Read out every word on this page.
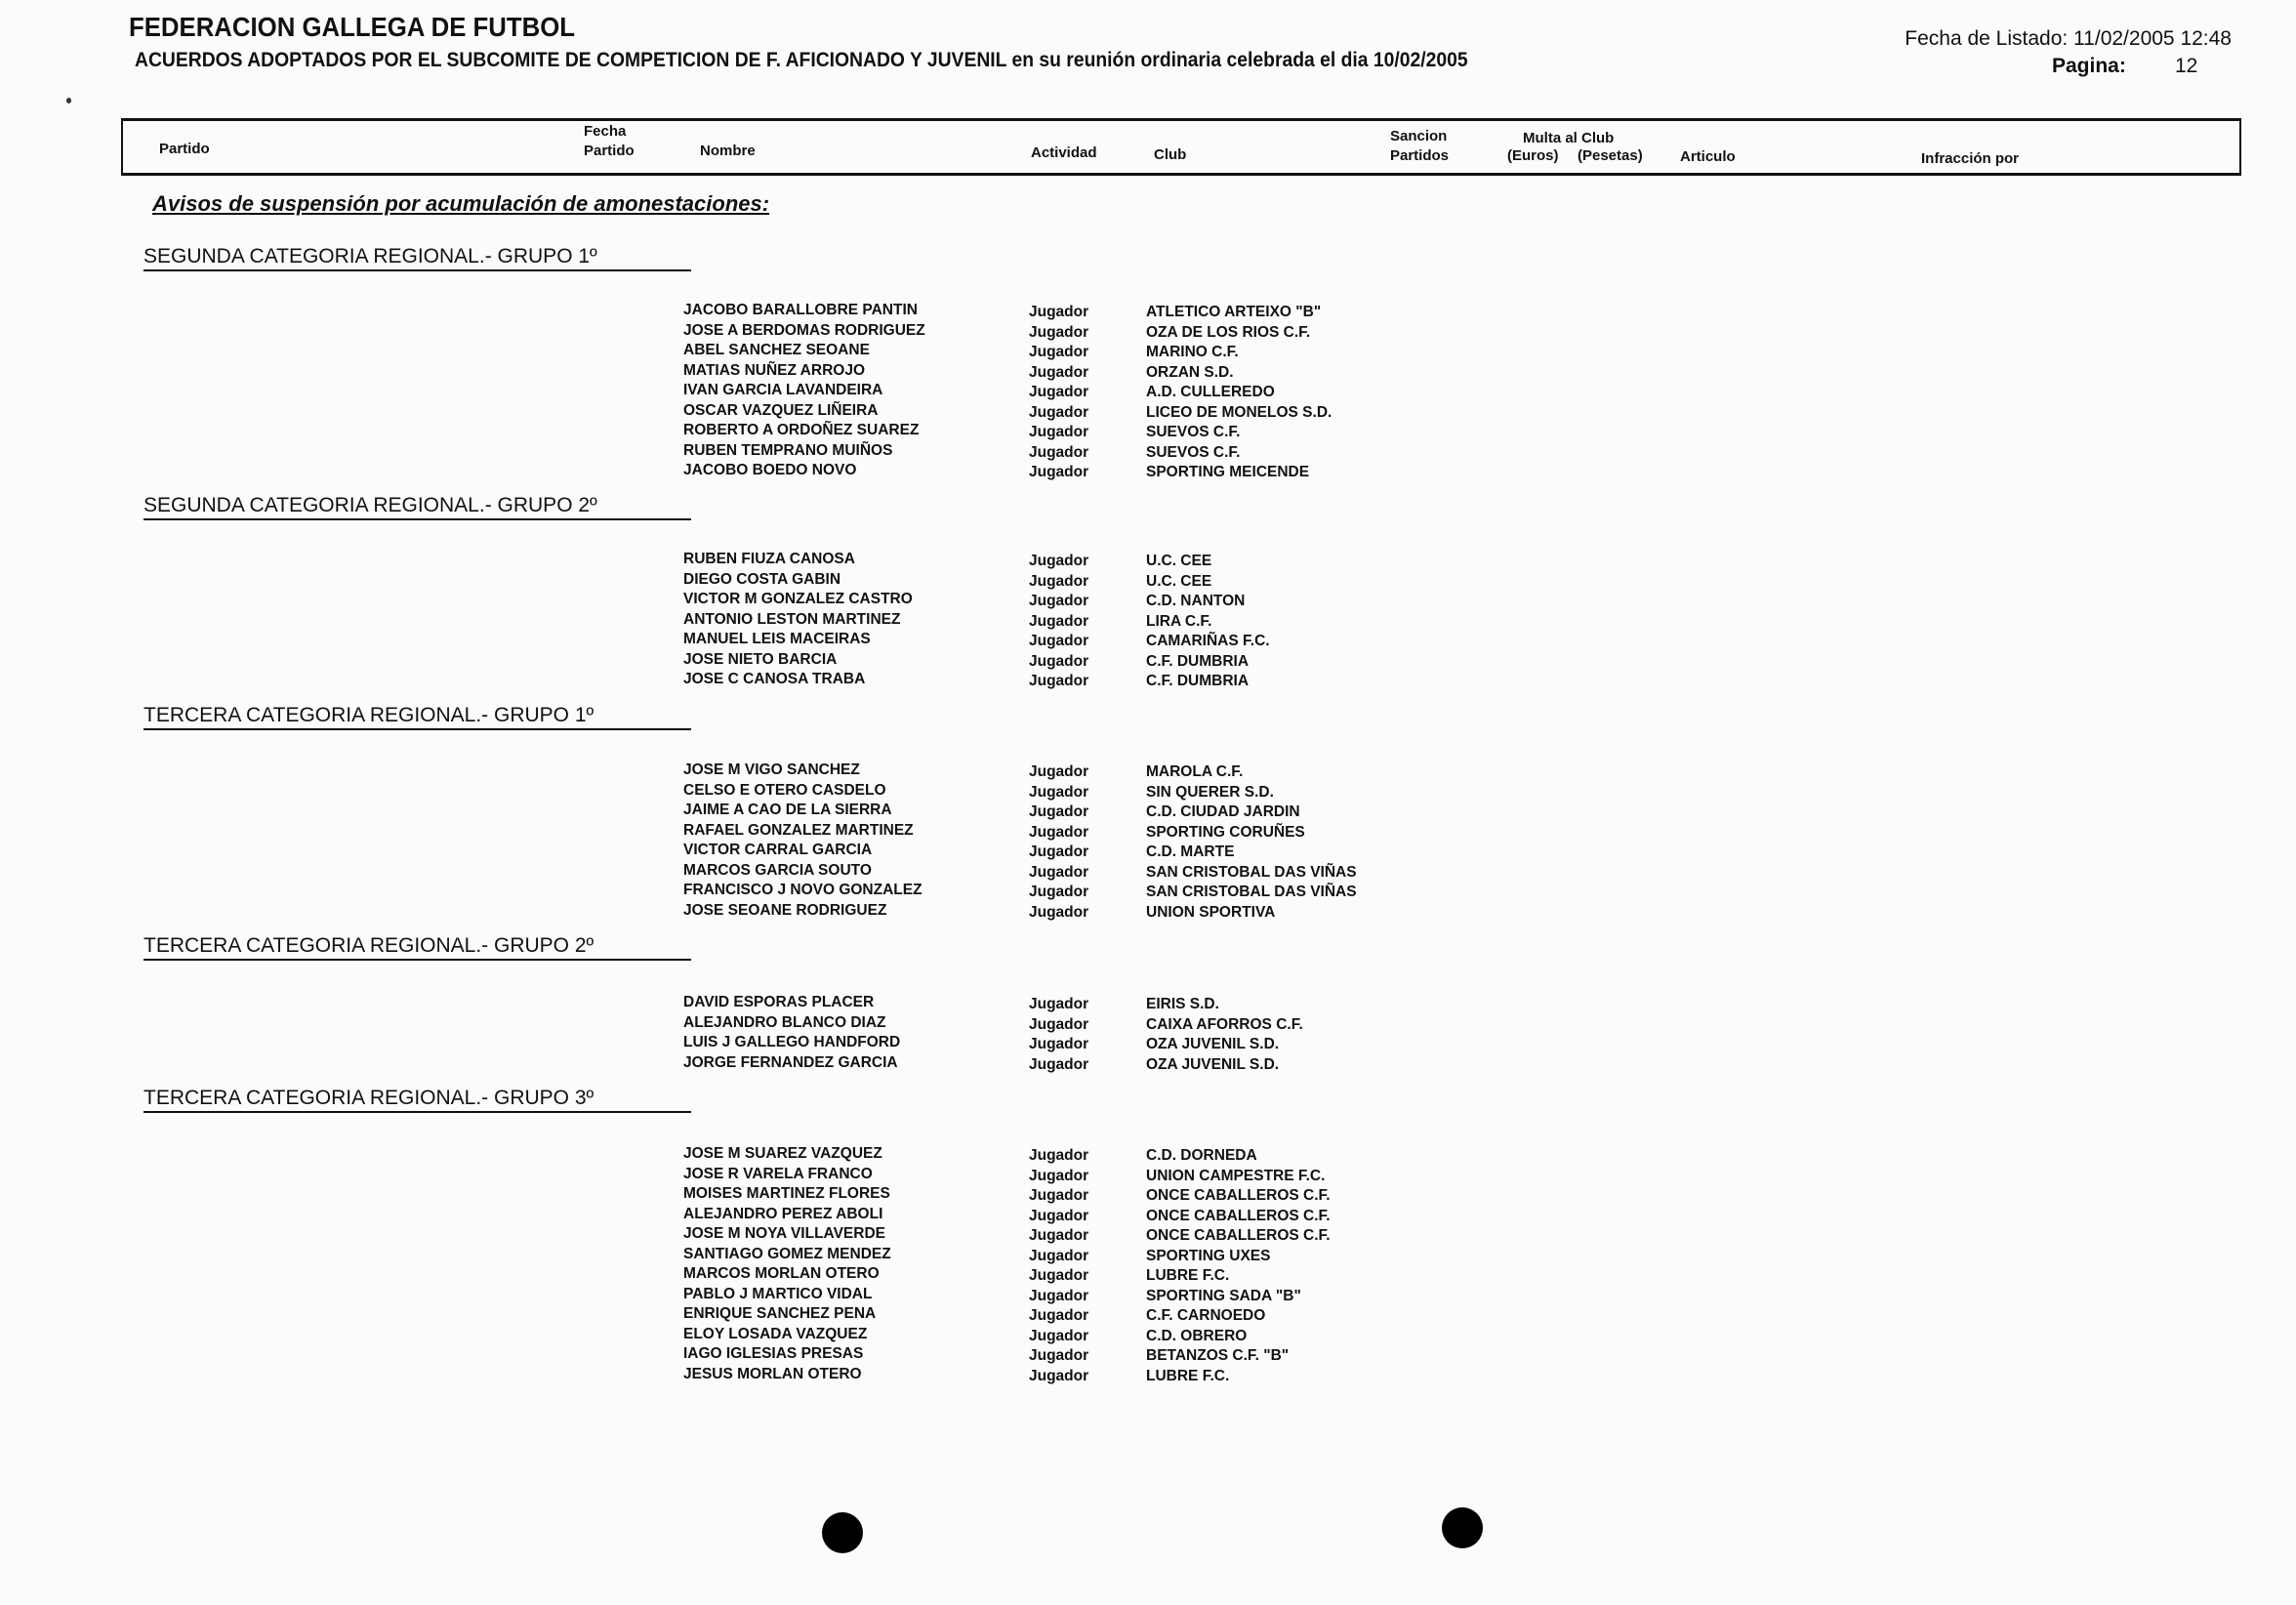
FEDERACION GALLEGA DE FUTBOL
ACUERDOS ADOPTADOS POR EL SUBCOMITE DE COMPETICION DE F. AFICIONADO Y JUVENIL en su reunión ordinaria celebrada el dia 10/02/2005
Fecha de Listado: 11/02/2005 12:48
Pagina: 12
Partido
Fecha
Partido	Nombre	Actividad	Club
Sancion
Partidos
Multa al Club
(Euros) (Pesetas)	Articulo	Infracción por
Avisos de suspensión por acumulación de amonestaciones:
SEGUNDA CATEGORIA REGIONAL.- GRUPO 1º
JACOBO BARALLOBRE PANTIN	Jugador	ATLETICO ARTEIXO "B"
JOSE A BERDOMAS RODRIGUEZ	Jugador	OZA DE LOS RIOS C.F.
ABEL SANCHEZ SEOANE	Jugador	MARINO C.F.
MATIAS NUÑEZ ARROJO	Jugador	ORZAN S.D.
IVAN GARCIA LAVANDEIRA	Jugador	A.D. CULLEREDO
OSCAR VAZQUEZ LIÑEIRA	Jugador	LICEO DE MONELOS S.D.
ROBERTO A ORDOÑEZ SUAREZ	Jugador	SUEVOS C.F.
RUBEN TEMPRANO MUIÑOS	Jugador	SUEVOS C.F.
JACOBO BOEDO NOVO	Jugador	SPORTING MEICENDE
SEGUNDA CATEGORIA REGIONAL.- GRUPO 2º
RUBEN FIUZA CANOSA	Jugador	U.C. CEE
DIEGO COSTA GABIN	Jugador	U.C. CEE
VICTOR M GONZALEZ CASTRO	Jugador	C.D. NANTON
ANTONIO LESTON MARTINEZ	Jugador	LIRA C.F.
MANUEL LEIS MACEIRAS	Jugador	CAMARIÑAS F.C.
JOSE NIETO BARCIA	Jugador	C.F. DUMBRIA
JOSE C CANOSA TRABA	Jugador	C.F. DUMBRIA
TERCERA CATEGORIA REGIONAL.- GRUPO 1º
JOSE M VIGO SANCHEZ	Jugador	MAROLA C.F.
CELSO E OTERO CASDELO	Jugador	SIN QUERER S.D.
JAIME A CAO DE LA SIERRA	Jugador	C.D. CIUDAD JARDIN
RAFAEL GONZALEZ MARTINEZ	Jugador	SPORTING CORUÑES
VICTOR CARRAL GARCIA	Jugador	C.D. MARTE
MARCOS GARCIA SOUTO	Jugador	SAN CRISTOBAL DAS VIÑAS
FRANCISCO J NOVO GONZALEZ	Jugador	SAN CRISTOBAL DAS VIÑAS
JOSE SEOANE RODRIGUEZ	Jugador	UNION SPORTIVA
TERCERA CATEGORIA REGIONAL.- GRUPO 2º
DAVID ESPORAS PLACER	Jugador	EIRIS S.D.
ALEJANDRO BLANCO DIAZ	Jugador	CAIXA AFORROS C.F.
LUIS J GALLEGO HANDFORD	Jugador	OZA JUVENIL S.D.
JORGE FERNANDEZ GARCIA	Jugador	OZA JUVENIL S.D.
TERCERA CATEGORIA REGIONAL.- GRUPO 3º
JOSE M SUAREZ VAZQUEZ	Jugador	C.D. DORNEDA
JOSE R VARELA FRANCO	Jugador	UNION CAMPESTRE F.C.
MOISES MARTINEZ FLORES	Jugador	ONCE CABALLEROS C.F.
ALEJANDRO PEREZ ABOLI	Jugador	ONCE CABALLEROS C.F.
JOSE M NOYA VILLAVERDE	Jugador	ONCE CABALLEROS C.F.
SANTIAGO GOMEZ MENDEZ	Jugador	SPORTING UXES
MARCOS MORLAN OTERO	Jugador	LUBRE F.C.
PABLO J MARTICO VIDAL	Jugador	SPORTING SADA "B"
ENRIQUE SANCHEZ PENA	Jugador	C.F. CARNOEDO
ELOY LOSADA VAZQUEZ	Jugador	C.D. OBRERO
IAGO IGLESIAS PRESAS	Jugador	BETANZOS C.F. "B"
JESUS MORLAN OTERO	Jugador	LUBRE F.C.
